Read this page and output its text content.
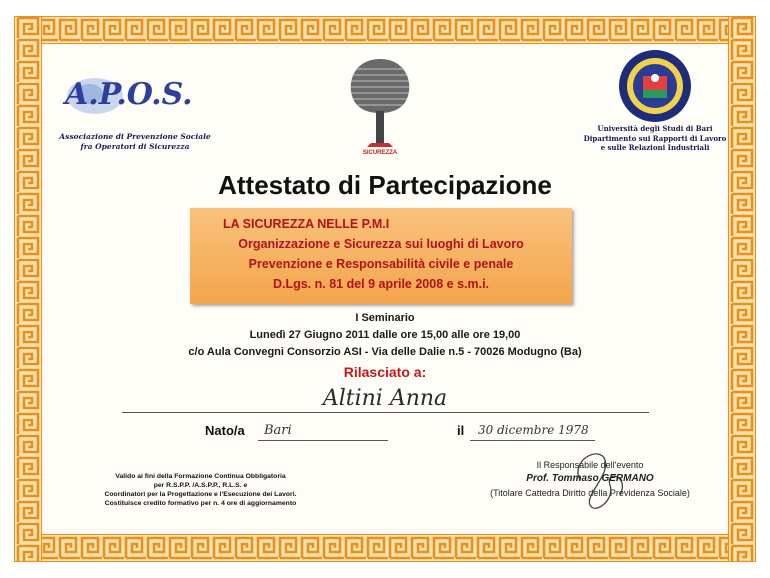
A.P.O.S.
Associazione di Prevenzione Sociale
fra Operatori di Sicurezza
SICUREZZA
Università degli Studi di Bari
Dipartimento sui Rapporti di Lavoro
e sulle Relazioni Industriali
Attestato di Partecipazione
LA SICUREZZA NELLE P.M.I
Organizzazione e Sicurezza sui luoghi di Lavoro
Prevenzione e Responsabilità civile e penale
D.Lgs. n. 81 del 9 aprile 2008 e s.m.i.
I Seminario
Lunedì 27 Giugno 2011 dalle ore 15,00 alle ore 19,00
c/o Aula Convegni Consorzio ASI - Via delle Dalie n.5 - 70026 Modugno (Ba)
Rilasciato a:
Altini Anna
Nato/a Bari	il 30 dicembre 1978
Valido ai fini della Formazione Continua Obbligatoria
per R.S.P.P. /A.S.P.P., R.L.S. e
Coordinatori per la Progettazione e l'Esecuzione dei Lavori.
Costituisce credito formativo per n. 4 ore di aggiornamento
Il Responsabile dell'evento
Prof. Tommaso GERMANO
(Titolare Cattedra Diritto della Previdenza Sociale)
